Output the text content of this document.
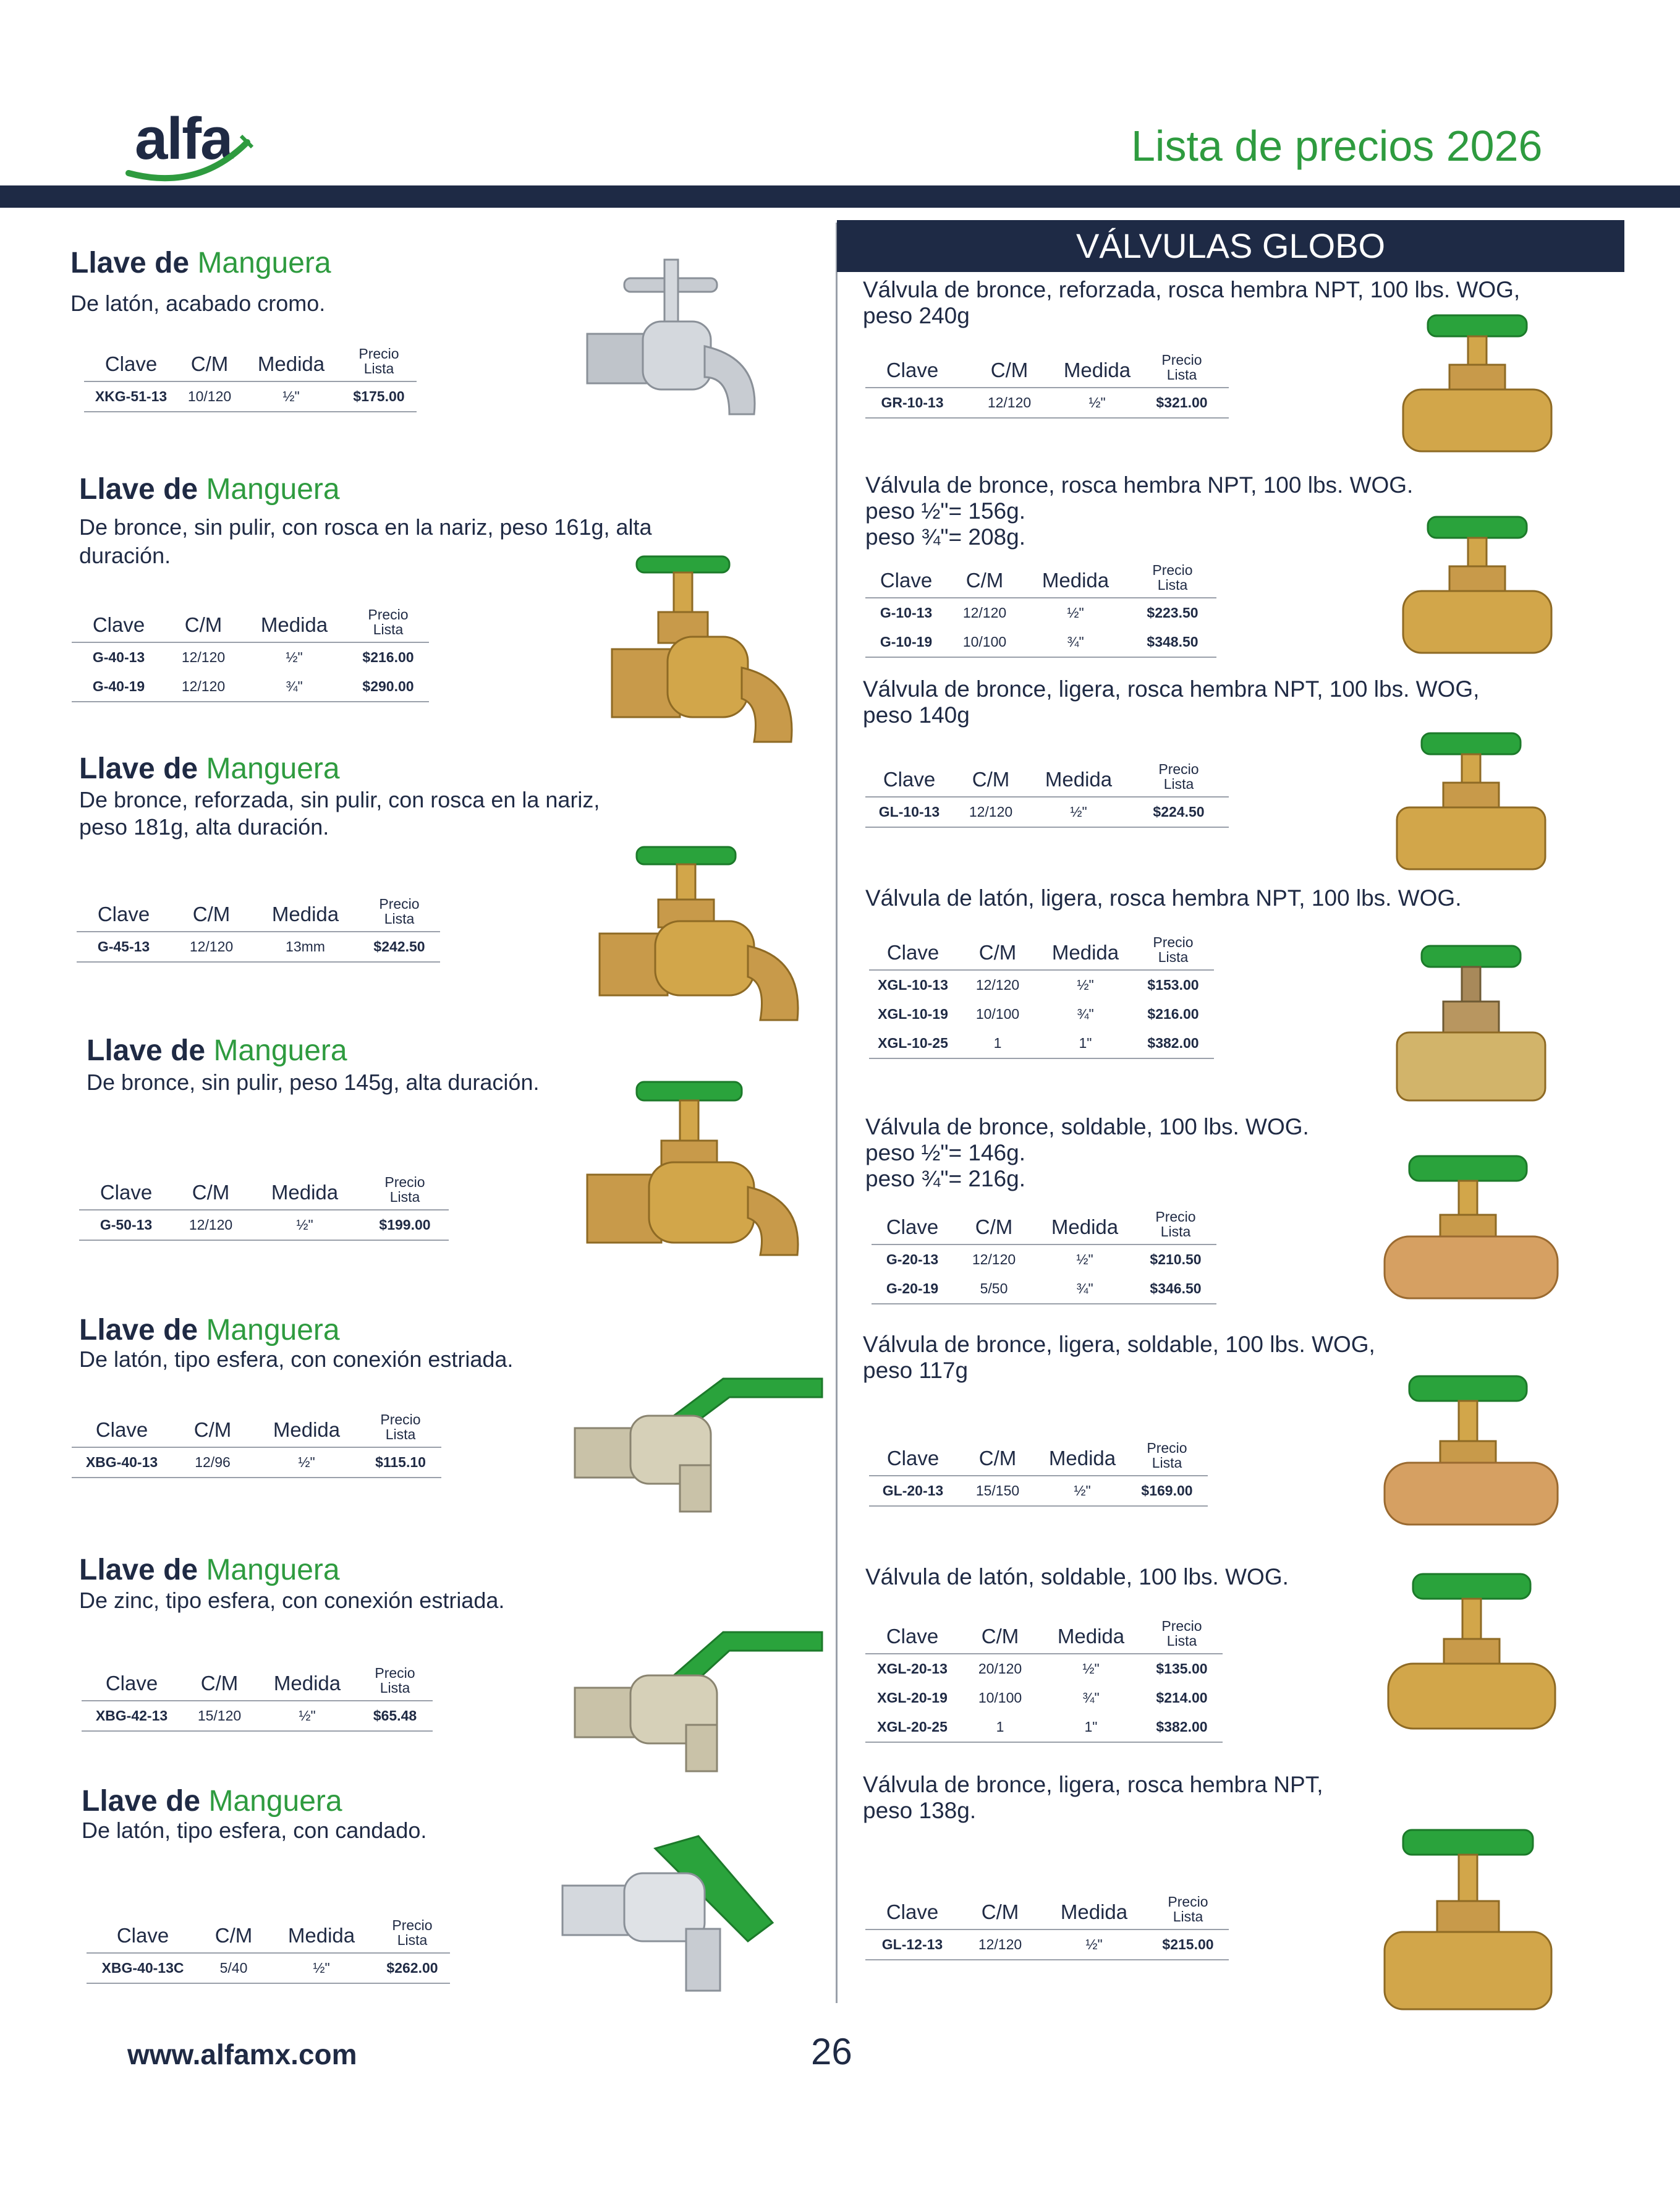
alfa	Lista de precios 2026
VÁLVULAS GLOBO
Llave de Manguera
De latón, acabado cromo.
Clave	C/M	Medida	Precio
Lista
XKG-51-13	10/120	½"	$175.00
Llave de Manguera
De bronce, sin pulir, con rosca en la nariz, peso 161g, alta duración.
Clave	C/M	Medida	Precio
Lista
G-40-13	12/120	½"	$216.00
G-40-19	12/120	¾"	$290.00
Llave de Manguera
De bronce, reforzada, sin pulir, con rosca en la nariz, peso 181g, alta duración.
Clave	C/M	Medida	Precio
Lista
G-45-13	12/120	13mm	$242.50
Llave de Manguera
De bronce, sin pulir, peso 145g, alta duración.
Clave	C/M	Medida	Precio
Lista
G-50-13	12/120	½"	$199.00
Llave de Manguera
De latón, tipo esfera, con conexión estriada.
Clave	C/M	Medida	Precio
Lista
XBG-40-13	12/96	½"	$115.10
Llave de Manguera
De zinc, tipo esfera, con conexión estriada.
Clave	C/M	Medida	Precio
Lista
XBG-42-13	15/120	½"	$65.48
Llave de Manguera
De latón, tipo esfera, con candado.
Clave	C/M	Medida	Precio
Lista
XBG-40-13C	5/40	½"	$262.00
Válvula de bronce, reforzada, rosca hembra NPT, 100 lbs. WOG,
peso 240g
Clave	C/M	Medida	Precio
Lista
GR-10-13	12/120	½"	$321.00
Válvula de bronce, rosca hembra NPT, 100 lbs. WOG.
peso ½"= 156g.
peso ¾"= 208g.
Clave	C/M	Medida	Precio
Lista
G-10-13	12/120	½"	$223.50
G-10-19	10/100	¾"	$348.50
Válvula de bronce, ligera, rosca hembra NPT, 100 lbs. WOG,
peso 140g
Clave	C/M	Medida	Precio
Lista
GL-10-13	12/120	½"	$224.50
Válvula de latón, ligera, rosca hembra NPT, 100 lbs. WOG.
Clave	C/M	Medida	Precio
Lista
XGL-10-13	12/120	½"	$153.00
XGL-10-19	10/100	¾"	$216.00
XGL-10-25	1	1"	$382.00
Válvula de bronce, soldable, 100 lbs. WOG.
peso ½"= 146g.
peso ¾"= 216g.
Clave	C/M	Medida	Precio
Lista
G-20-13	12/120	½"	$210.50
G-20-19	5/50	¾"	$346.50
Válvula de bronce, ligera, soldable, 100 lbs. WOG,
peso 117g
Clave	C/M	Medida	Precio
Lista
GL-20-13	15/150	½"	$169.00
Válvula de latón, soldable, 100 lbs. WOG.
Clave	C/M	Medida	Precio
Lista
XGL-20-13	20/120	½"	$135.00
XGL-20-19	10/100	¾"	$214.00
XGL-20-25	1	1"	$382.00
Válvula de bronce, ligera, rosca hembra NPT,
peso 138g.
Clave	C/M	Medida	Precio
Lista
GL-12-13	12/120	½"	$215.00
www.alfamx.com	26
